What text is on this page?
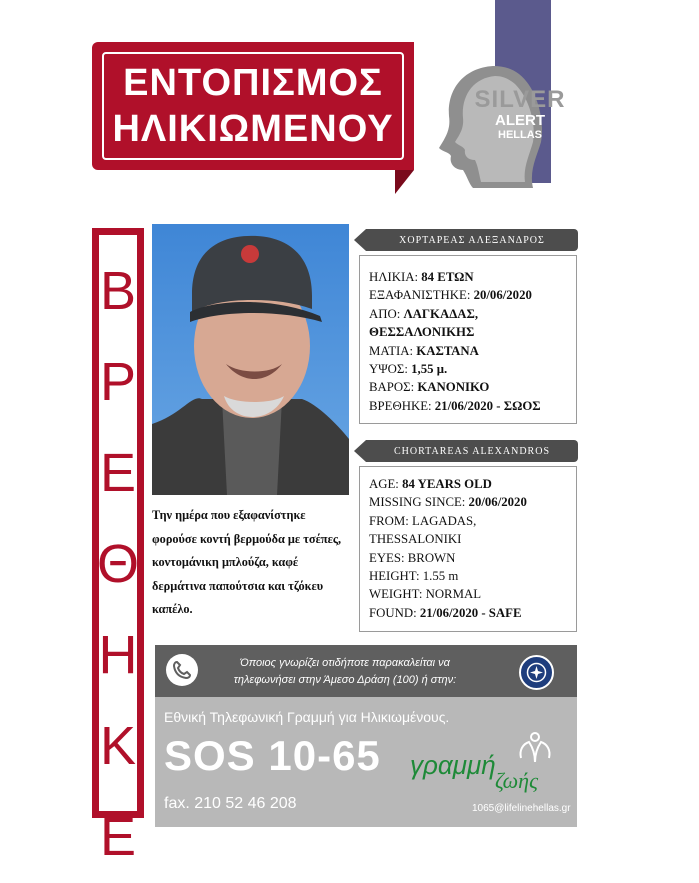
ΕΝΤΟΠΙΣΜΟΣ
ΗΛΙΚΙΩΜΕΝΟΥ
SILVER
ALERT
HELLAS
Β
Ρ
Ε
Θ
Η
Κ
Ε
Την ημέρα που εξαφανίστηκε φορούσε κοντή βερμούδα με τσέπες, κοντομάνικη μπλούζα, καφέ δερμάτινα παπούτσια και τζόκευ καπέλο.
ΧΟΡΤΑΡΕΑΣ ΑΛΕΞΑΝΔΡΟΣ
ΗΛΙΚΙΑ: 84 ΕΤΩΝ
ΕΞΑΦΑΝΙΣΤΗΚΕ: 20/06/2020
ΑΠΟ: ΛΑΓΚΑΔΑΣ,
ΘΕΣΣΑΛΟΝΙΚΗΣ
ΜΑΤΙΑ: ΚΑΣΤΑΝΑ
ΥΨΟΣ: 1,55 μ.
ΒΑΡΟΣ: ΚΑΝΟΝΙΚΟ
ΒΡΕΘΗΚΕ: 21/06/2020 - ΣΩΟΣ
CHORTAREAS ALEXANDROS
AGE: 84 YEARS OLD
MISSING SINCE: 20/06/2020
FROM: LAGADAS,
THESSALONIKI
EYES: BROWN
HEIGHT: 1.55 m
WEIGHT: NORMAL
FOUND: 21/06/2020 - SAFE
Όποιος γνωρίζει οτιδήποτε παρακαλείται να
τηλεφωνήσει στην Άμεσο Δράση (100) ή στην:
Εθνική Τηλεφωνική Γραμμή για Ηλικιωμένους.
SOS 10-65
fax. 210 52 46 208	1065@lifelinehellas.gr
γραμμή
ζωής
